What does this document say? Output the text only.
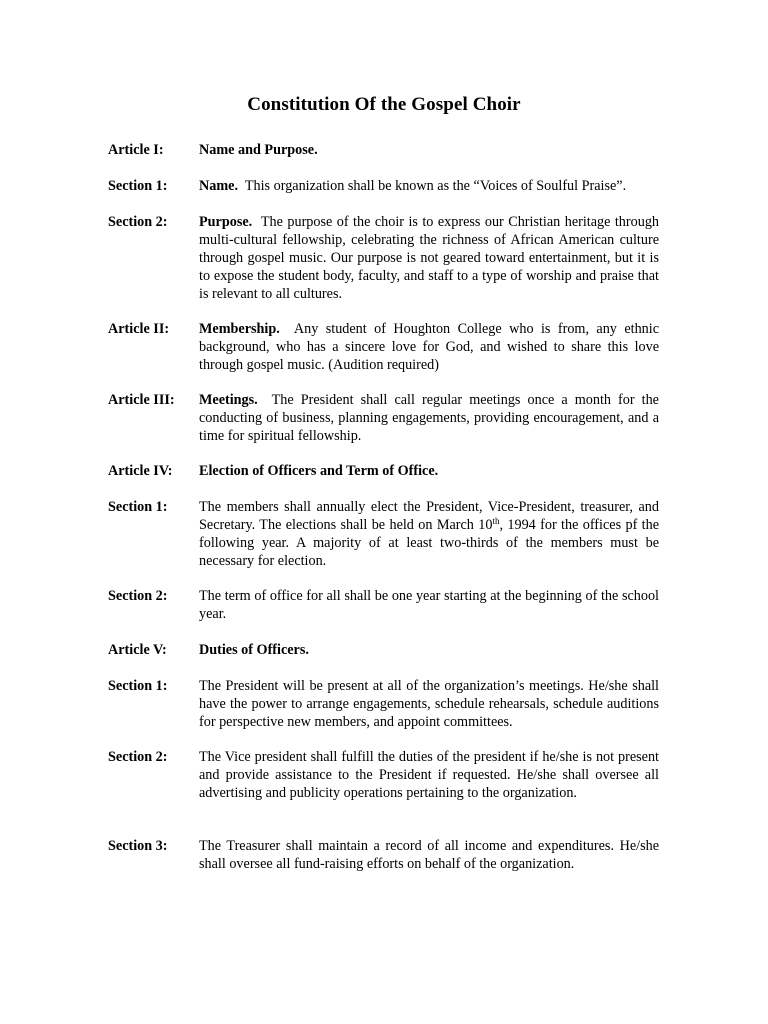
Constitution Of the Gospel Choir
Article I:	Name and Purpose.
Section 1:	Name. This organization shall be known as the “Voices of Soulful Praise”.
Section 2:	Purpose. The purpose of the choir is to express our Christian heritage through multi-cultural fellowship, celebrating the richness of African American culture through gospel music. Our purpose is not geared toward entertainment, but it is to expose the student body, faculty, and staff to a type of worship and praise that is relevant to all cultures.
Article II:	Membership. Any student of Houghton College who is from, any ethnic background, who has a sincere love for God, and wished to share this love through gospel music. (Audition required)
Article III:	Meetings. The President shall call regular meetings once a month for the conducting of business, planning engagements, providing encouragement, and a time for spiritual fellowship.
Article IV:	Election of Officers and Term of Office.
Section 1:	The members shall annually elect the President, Vice-President, treasurer, and Secretary. The elections shall be held on March 10th, 1994 for the offices pf the following year. A majority of at least two-thirds of the members must be necessary for election.
Section 2:	The term of office for all shall be one year starting at the beginning of the school year.
Article V:	Duties of Officers.
Section 1:	The President will be present at all of the organization’s meetings. He/she shall have the power to arrange engagements, schedule rehearsals, schedule auditions for perspective new members, and appoint committees.
Section 2:	The Vice president shall fulfill the duties of the president if he/she is not present and provide assistance to the President if requested. He/she shall oversee all advertising and publicity operations pertaining to the organization.
Section 3:	The Treasurer shall maintain a record of all income and expenditures. He/she shall oversee all fund-raising efforts on behalf of the organization.
